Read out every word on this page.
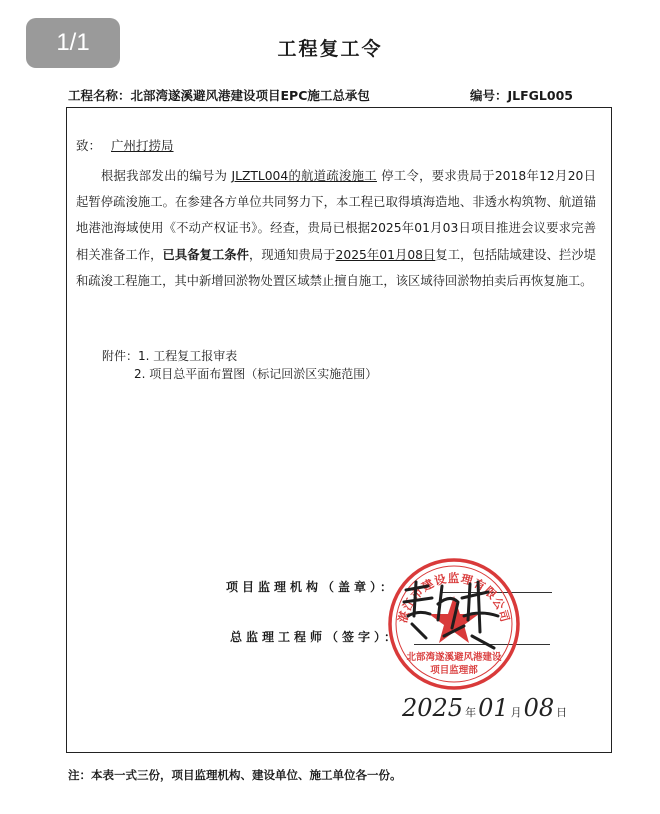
1/1	工程复工令
工程名称：北部湾遂溪避风港建设项目EPC施工总承包	编号：JLFGL005
致： 广州打捞局
  根据我部发出的编号为 JLZTL004的航道疏浚施工 停工令，要求贵局于2018年12月20日起暂停疏浚施工。在参建各方单位共同努力下，本工程已取得填海造地、非透水构筑物、航道锚地港池海域使用《不动产权证书》。经查，贵局已根据2025年01月03日项目推进会议要求完善相关准备工作，已具备复工条件，现通知贵局于2025年01月08日复工，包括陆域建设、拦沙堤和疏浚工程施工，其中新增回淤物处置区域禁止擅自施工，该区域待回淤物拍卖后再恢复施工。
附件：1. 工程复工报审表
2. 项目总平面布置图（标记回淤区实施范围）
项目监理机构（盖章）：
总监理工程师（签字）：
湛江市建设监理有限公司
北部湾遂溪避风港建设
项目监理部
2025 年01 月08 日
注：本表一式三份，项目监理机构、建设单位、施工单位各一份。
